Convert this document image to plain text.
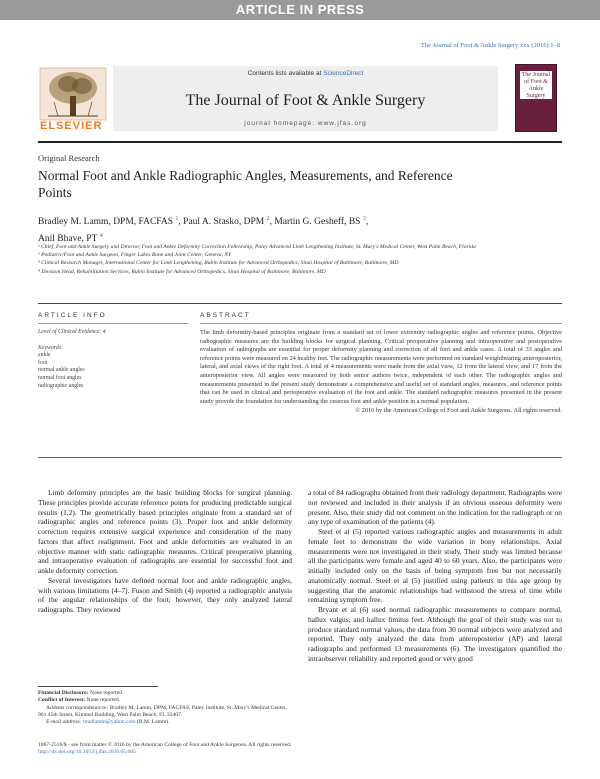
ARTICLE IN PRESS
The Journal of Foot & Ankle Surgery xxx (2016) 1–8
ELSEVIER
Contents lists available at ScienceDirect
The Journal of Foot & Ankle Surgery
journal homepage: www.jfas.org
The Journal of Foot & Ankle Surgery
Original Research
Normal Foot and Ankle Radiographic Angles, Measurements, and Reference Points
Bradley M. Lamm, DPM, FACFAS $^1$, Paul A. Stasko, DPM $^2$, Martin G. Gesheff, BS $^3$,
Anil Bhave, PT $^4$
¹ Chief, Foot and Ankle Surgery and Director, Foot and Ankle Deformity Correction Fellowship, Paley Advanced Limb Lengthening Institute, St. Mary's Medical Center, West Palm Beach, Florida
² Podiatric/Foot and Ankle Surgeon, Finger Lakes Bone and Joint Center, Geneva, NY
³ Clinical Research Manager, International Center for Limb Lengthening, Rubin Institute for Advanced Orthopedics, Sinai Hospital of Baltimore, Baltimore, MD
⁴ Division Head, Rehabilitation Services, Rubin Institute for Advanced Orthopedics, Sinai Hospital of Baltimore, Baltimore, MD
ARTICLE INFO	ABSTRACT
Level of Clinical Evidence: 4
Keywords:
ankle
foot
normal ankle angles
normal foot angles
radiographic angles
The limb deformity-based principles originate from a standard set of lower extremity radiographic angles and reference points. Objective radiographic measures are the building blocks for surgical planning. Critical preoperative planning and intraoperative and postoperative evaluation of radiographs are essential for proper deformity planning and correction of all foot and ankle cases. A total of 33 angles and reference points were measured on 24 healthy feet. The radiographic measurements were performed on standard weightbearing anteroposterior, lateral, and axial views of the right foot. A total of 4 measurements were made from the axial view, 12 from the lateral view, and 17 from the anteroposterior view. All angles were measured by both senior authors twice, independent of each other. The radiographic angles and measurements presented in the present study demonstrate a comprehensive and useful set of standard angles, measures, and reference points that can be used in clinical and perioperative evaluation of the foot and ankle. The standard radiographic measures presented in the present study provide the foundation for understanding the osseous foot and ankle position in a normal population.
© 2016 by the American College of Foot and Ankle Surgeons. All rights reserved.

Limb deformity principles are the basic building blocks for surgical planning. These principles provide accurate reference points for producing predictable surgical results (1,2). The geometrically based principles originate from a standard set of radiographic angles and reference points (3). Proper foot and ankle deformity correction requires extensive surgical experience and consideration of the many factors that affect realignment. Foot and ankle deformities are evaluated in an objective manner with static radiographic measures. Critical preoperative planning and intraoperative evaluation of radiographs are essential for successful foot and ankle deformity correction.

Several investigators have defined normal foot and ankle radiographic angles, with various limitations (4–7). Fuson and Smith (4) reported a radiographic analysis of the angular relationships of the foot; however, they only analyzed lateral radiographs. They reviewed

a total of 84 radiographs obtained from their radiology department. Radiographs were not reviewed and included in their analysis if an obvious osseous deformity were present. Also, their study did not comment on the indication for the radiograph or on any type of examination of the patients (4).

Steel et al (5) reported various radiographic angles and measurements in adult female feet to demonstrate the wide variation in bony relationships. Axial measurements were not investigated in their study. Their study was limited because all the participants were female and aged 40 to 60 years. Also, the participants were initially included only on the basis of being symptom free but not necessarily anatomically normal. Steel et al (5) justified using patients in this age group by suggesting that the anatomic relationships had withstood the stress of time while remaining symptom free.

Bryant et al (6) used normal radiographic measurements to compare normal, hallux valgus, and hallux limitus feet. Although the goal of their study was not to produce standard normal values, the data from 30 normal subjects were analyzed and reported. They only analyzed the data from anteroposterior (AP) and lateral radiographs and performed 13 measurements (6). The investigators quantified the intraobserver reliability and reported good or very good

Financial Disclosure: None reported.
Conflict of Interest: None reported.
Address correspondence to: Bradley M. Lamm, DPM, FACFAS, Paley Institute, St. Mary's Medical Center, 901 45th Street, Kimmel Building, West Palm Beach, FL 33407.
E-mail address: bradlamm@yahoo.com (B.M. Lamm).
1067-2516/$ - see front matter © 2016 by the American College of Foot and Ankle Surgeons. All rights reserved.
http://dx.doi.org/10.1053/j.jfas.2016.05.005
